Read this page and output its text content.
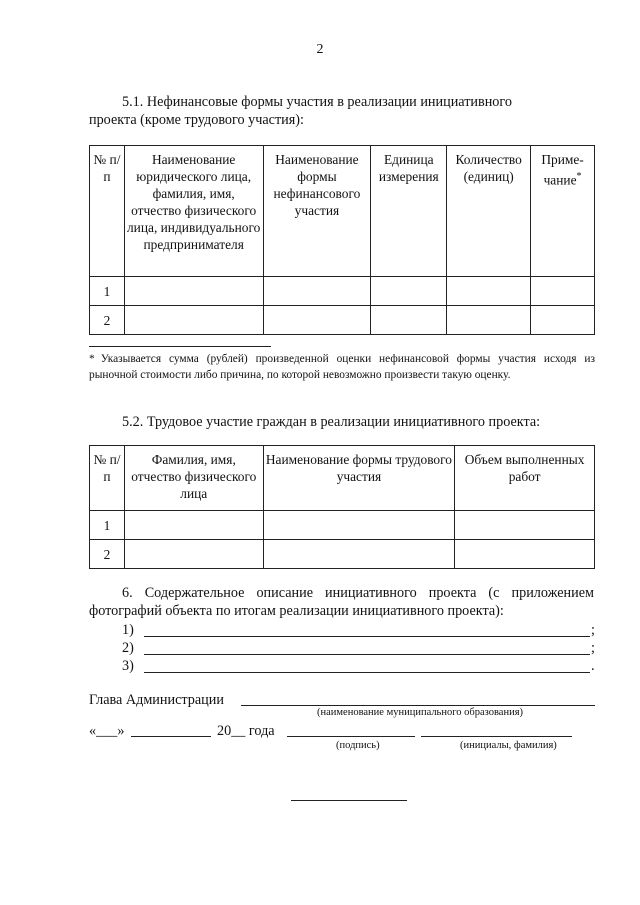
2
5.1. Нефинансовые формы участия в реализации инициативного
проекта (кроме трудового участия):
№ п/п	Наименование юридического лица, фамилия, имя, отчество физического лица, индивидуального предпринимателя	Наименование формы нефинансового участия	Единица измерения	Количество (единиц)	Приме-чание*
1					
2					
* Указывается сумма (рублей) произведенной оценки нефинансовой формы участия исходя из рыночной стоимости либо причина, по которой невозможно произвести такую оценку.
5.2. Трудовое участие граждан в реализации инициативного проекта:
№ п/п	Фамилия, имя, отчество физического лица	Наименование формы трудового участия	Объем выполненных работ
1			
2			
6. Содержательное описание инициативного проекта (с приложением фотографий объекта по итогам реализации инициативного проекта):
1)	;
2)	;
3)	.
Глава Администрации
(наименование муниципального образования)
«___»	20__ года
(подпись)	(инициалы, фамилия)
